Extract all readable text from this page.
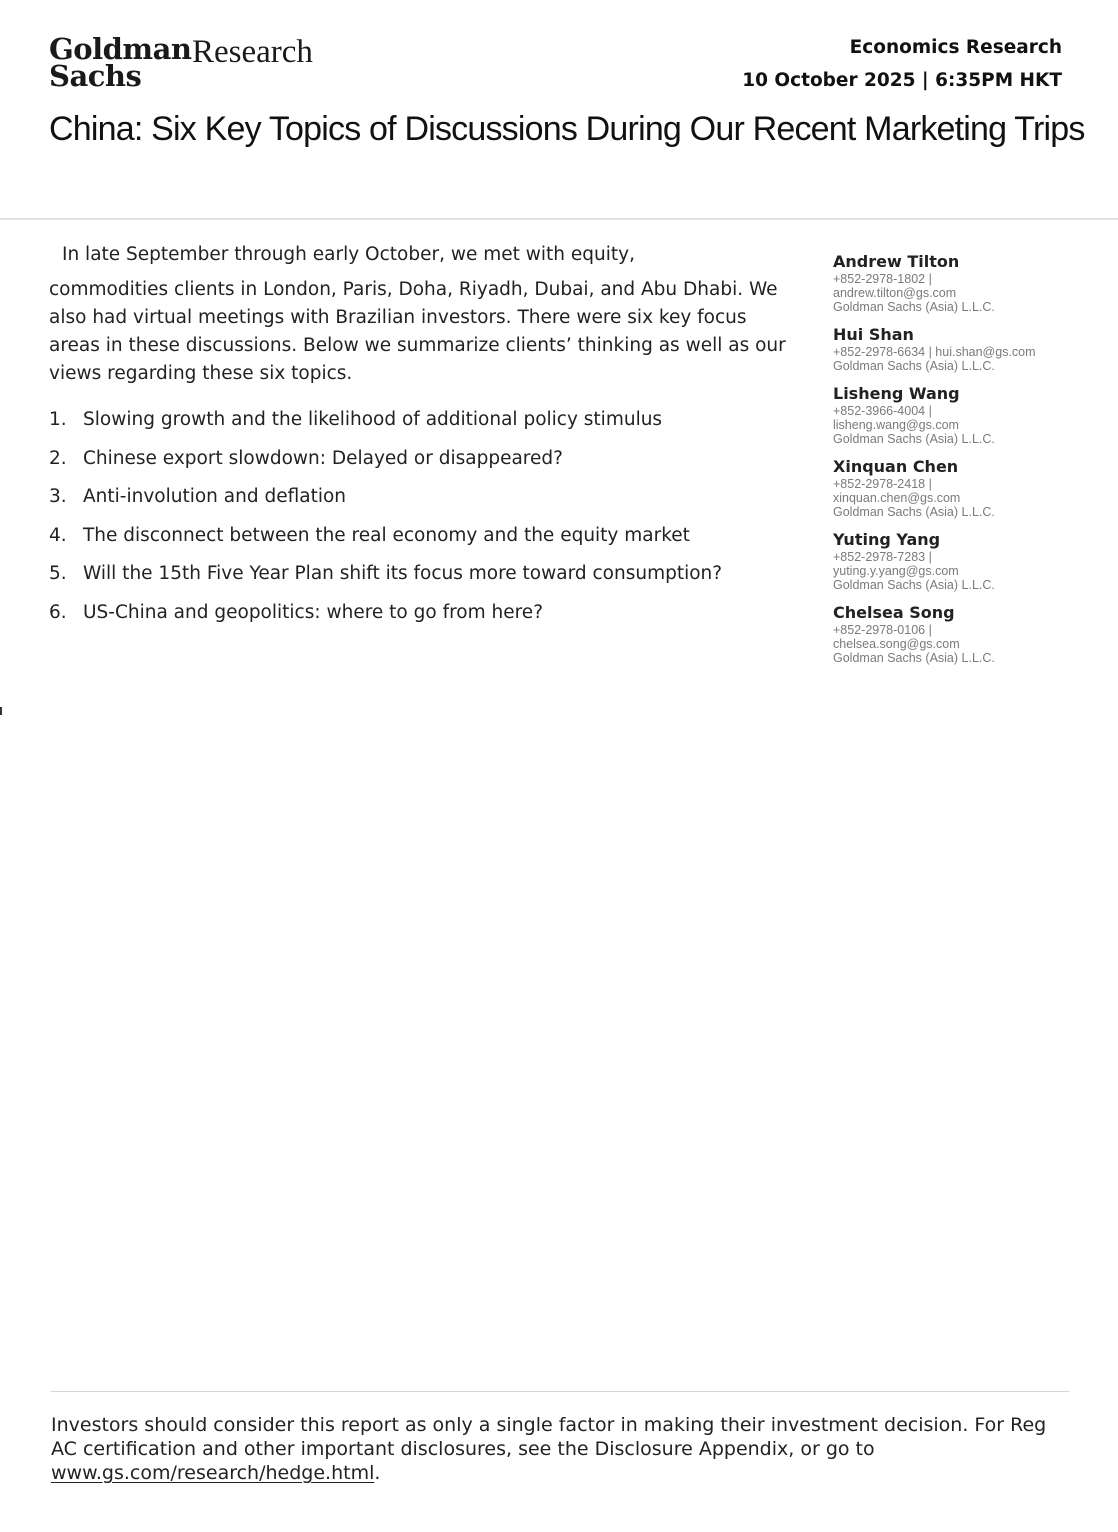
Goldman
Sachs
Research	Economics Research
10 October 2025 | 6:35PM HKT
China: Six Key Topics of Discussions During Our Recent Marketing Trips
In late September through early October, we met with equity,

commodities clients in London, Paris, Doha, Riyadh, Dubai, and Abu Dhabi. We also had virtual meetings with Brazilian investors. There were six key focus areas in these discussions. Below we summarize clients’ thinking as well as our views regarding these six topics.

1. Slowing growth and the likelihood of additional policy stimulus
2. Chinese export slowdown: Delayed or disappeared?
3. Anti-involution and deflation
4. The disconnect between the real economy and the equity market
5. Will the 15th Five Year Plan shift its focus more toward consumption?
6. US-China and geopolitics: where to go from here?
Andrew Tilton
+852-2978-1802 |
andrew.tilton@gs.com
Goldman Sachs (Asia) L.L.C.
Hui Shan
+852-2978-6634 | hui.shan@gs.com
Goldman Sachs (Asia) L.L.C.
Lisheng Wang
+852-3966-4004 |
lisheng.wang@gs.com
Goldman Sachs (Asia) L.L.C.
Xinquan Chen
+852-2978-2418 |
xinquan.chen@gs.com
Goldman Sachs (Asia) L.L.C.
Yuting Yang
+852-2978-7283 |
yuting.y.yang@gs.com
Goldman Sachs (Asia) L.L.C.
Chelsea Song
+852-2978-0106 |
chelsea.song@gs.com
Goldman Sachs (Asia) L.L.C.
Investors should consider this report as only a single factor in making their investment decision. For Reg AC certification and other important disclosures, see the Disclosure Appendix, or go to www.gs.com/research/hedge.html.
